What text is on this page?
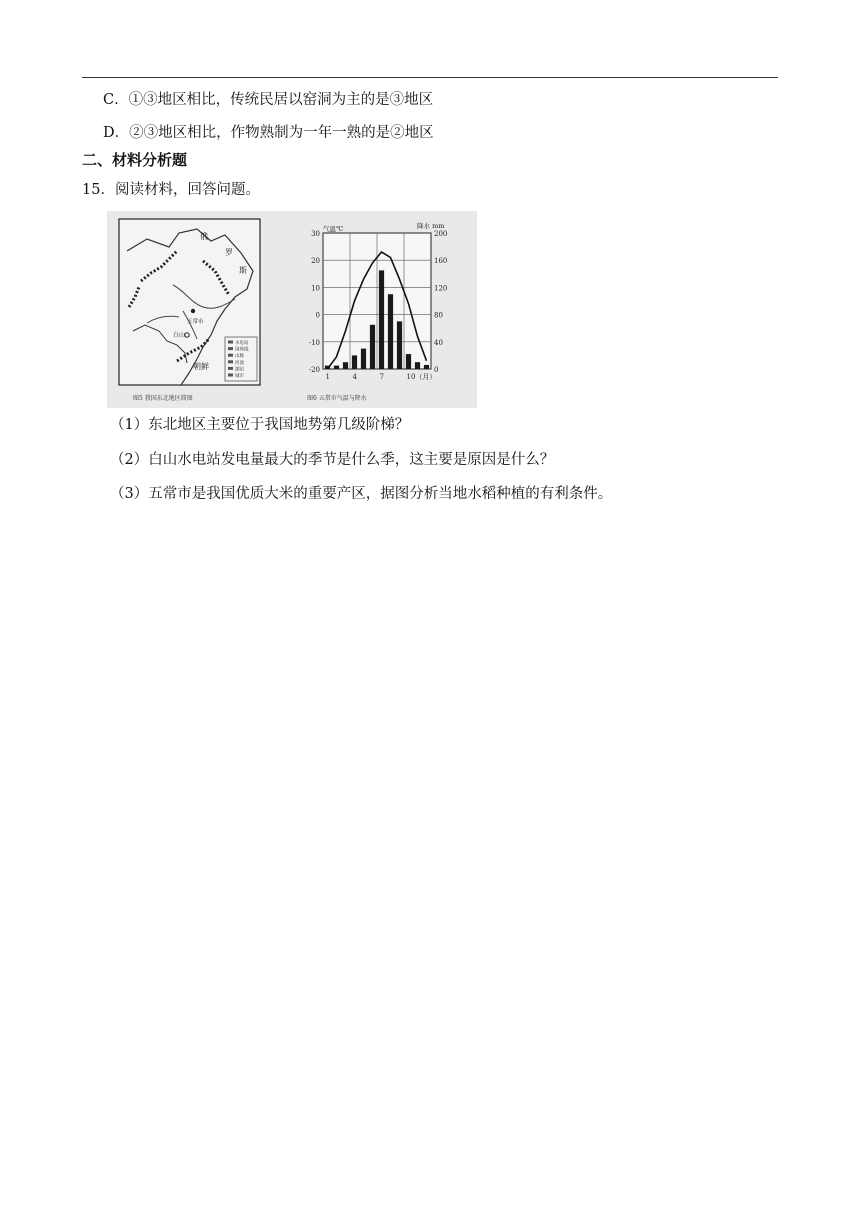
C．①③地区相比，传统民居以窑洞为主的是③地区
D．②③地区相比，作物熟制为一年一熟的是②地区
二、材料分析题
15．阅读材料，回答问题。
俄
罗
斯
五常市
白山
朝鲜
水电站
国界线
山脉
河流
湖泊
城市
图5 我国东北地区简图
30
20
10
0
-10
-20
200
160
120
80
40
0
1	4	7	10（月）
气温℃	降水 mm
图6 五常市气温与降水
（1）东北地区主要位于我国地势第几级阶梯？
（2）白山水电站发电量最大的季节是什么季，这主要是原因是什么？
（3）五常市是我国优质大米的重要产区，据图分析当地水稻种植的有利条件。
